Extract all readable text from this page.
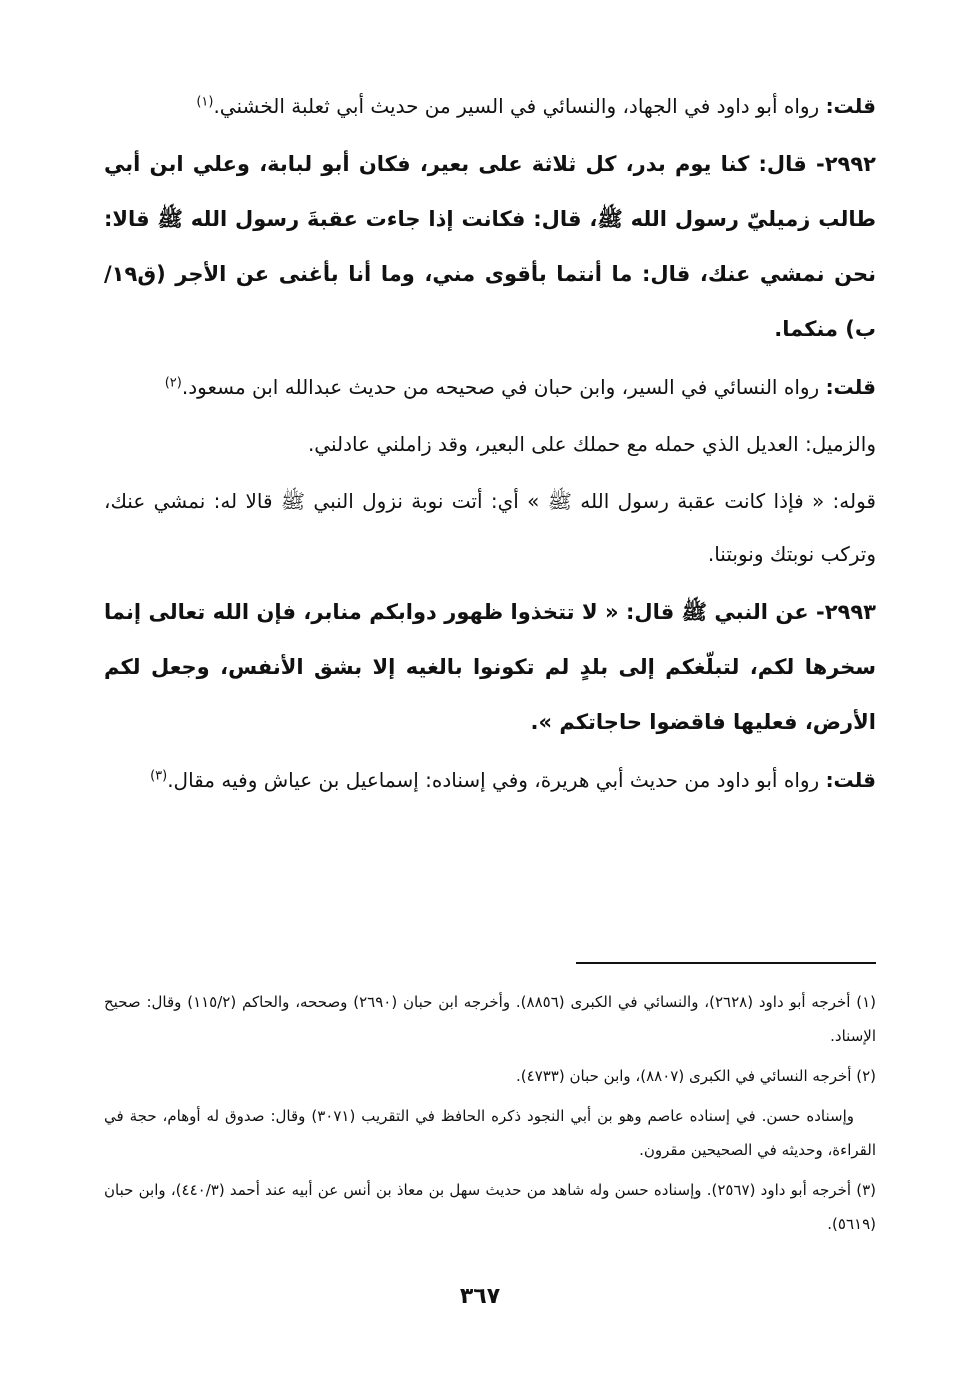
قلت: رواه أبو داود في الجهاد، والنسائي في السير من حديث أبي ثعلبة الخشني.$^{(١)}$

٢٩٩٢- قال: كنا يوم بدر، كل ثلاثة على بعير، فكان أبو لبابة، وعلي ابن أبي طالب زميليّ رسول الله ﷺ، قال: فكانت إذا جاءت عقبةَ رسول الله ﷺ قالا: نحن نمشي عنك، قال: ما أنتما بأقوى مني، وما أنا بأغنى عن الأجر (ق١٩/ب) منكما.

قلت: رواه النسائي في السير، وابن حبان في صحيحه من حديث عبدالله ابن مسعود.$^{(٢)}$

والزميل: العديل الذي حمله مع حملك على البعير، وقد زاملني عادلني.

قوله: « فإذا كانت عقبة رسول الله ﷺ » أي: أتت نوبة نزول النبي ﷺ قالا له: نمشي عنك، وتركب نوبتك ونوبتنا.

٢٩٩٣- عن النبي ﷺ قال: « لا تتخذوا ظهور دوابكم منابر، فإن الله تعالى إنما سخرها لكم، لتبلّغكم إلى بلدٍ لم تكونوا بالغيه إلا بشق الأنفس، وجعل لكم الأرض، فعليها فاقضوا حاجاتكم ».

قلت: رواه أبو داود من حديث أبي هريرة، وفي إسناده: إسماعيل بن عياش وفيه مقال.$^{(٣)}$

(١) أخرجه أبو داود (٢٦٢٨)، والنسائي في الكبرى (٨٨٥٦). وأخرجه ابن حبان (٢٦٩٠) وصححه، والحاكم (١١٥/٢) وقال: صحيح الإسناد.

(٢) أخرجه النسائي في الكبرى (٨٨٠٧)، وابن حبان (٤٧٣٣).

وإسناده حسن. في إسناده عاصم وهو بن أبي النجود ذكره الحافظ في التقريب (٣٠٧١) وقال: صدوق له أوهام، حجة في القراءة، وحديثه في الصحيحين مقرون.

(٣) أخرجه أبو داود (٢٥٦٧). وإسناده حسن وله شاهد من حديث سهل بن معاذ بن أنس عن أبيه عند أحمد (٤٤٠/٣)، وابن حبان (٥٦١٩).

٣٦٧
